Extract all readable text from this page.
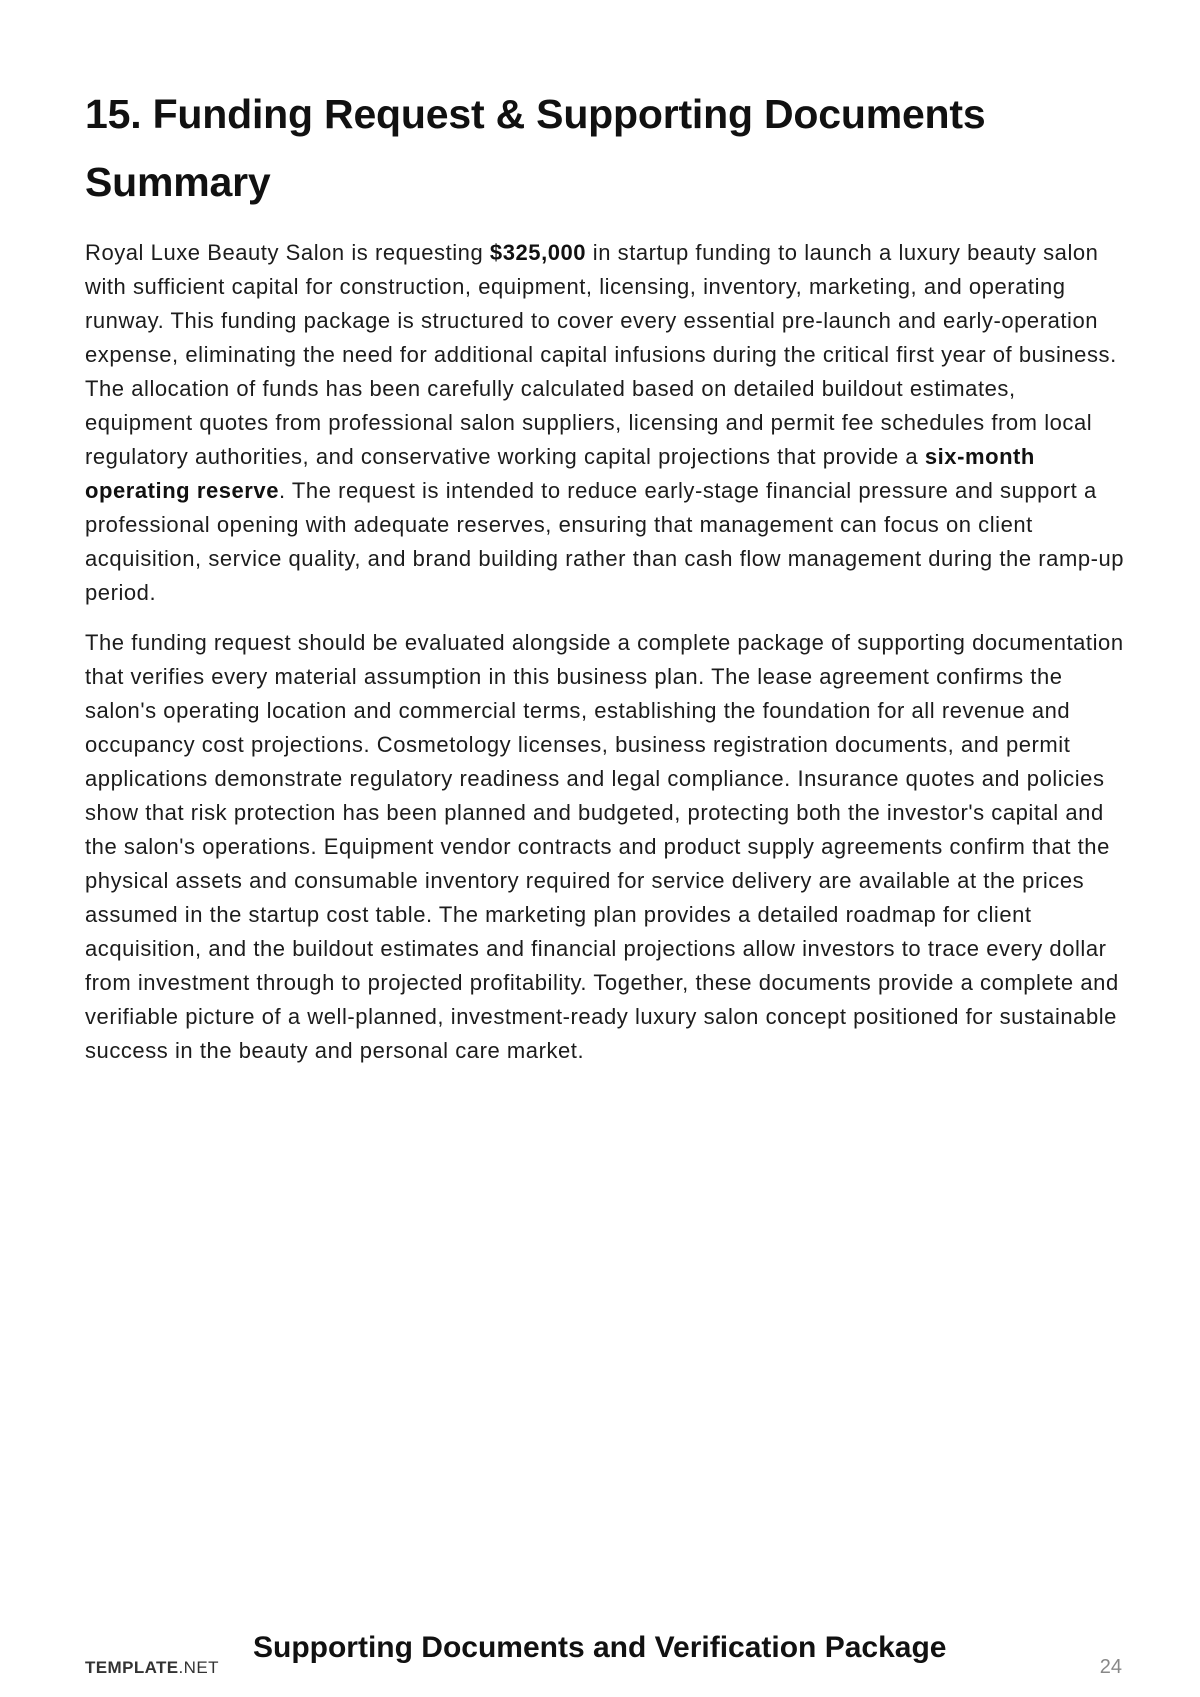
15. Funding Request & Supporting Documents Summary

Royal Luxe Beauty Salon is requesting $325,000 in startup funding to launch a luxury beauty salon with sufficient capital for construction, equipment, licensing, inventory, marketing, and operating runway. This funding package is structured to cover every essential pre-launch and early-operation expense, eliminating the need for additional capital infusions during the critical first year of business. The allocation of funds has been carefully calculated based on detailed buildout estimates, equipment quotes from professional salon suppliers, licensing and permit fee schedules from local regulatory authorities, and conservative working capital projections that provide a six-month operating reserve. The request is intended to reduce early-stage financial pressure and support a professional opening with adequate reserves, ensuring that management can focus on client acquisition, service quality, and brand building rather than cash flow management during the ramp-up period.

The funding request should be evaluated alongside a complete package of supporting documentation that verifies every material assumption in this business plan. The lease agreement confirms the salon's operating location and commercial terms, establishing the foundation for all revenue and occupancy cost projections. Cosmetology licenses, business registration documents, and permit applications demonstrate regulatory readiness and legal compliance. Insurance quotes and policies show that risk protection has been planned and budgeted, protecting both the investor's capital and the salon's operations. Equipment vendor contracts and product supply agreements confirm that the physical assets and consumable inventory required for service delivery are available at the prices assumed in the startup cost table. The marketing plan provides a detailed roadmap for client acquisition, and the buildout estimates and financial projections allow investors to trace every dollar from investment through to projected profitability. Together, these documents provide a complete and verifiable picture of a well-planned, investment-ready luxury salon concept positioned for sustainable success in the beauty and personal care market.

TEMPLATE.NET
Supporting Documents and Verification Package
24
